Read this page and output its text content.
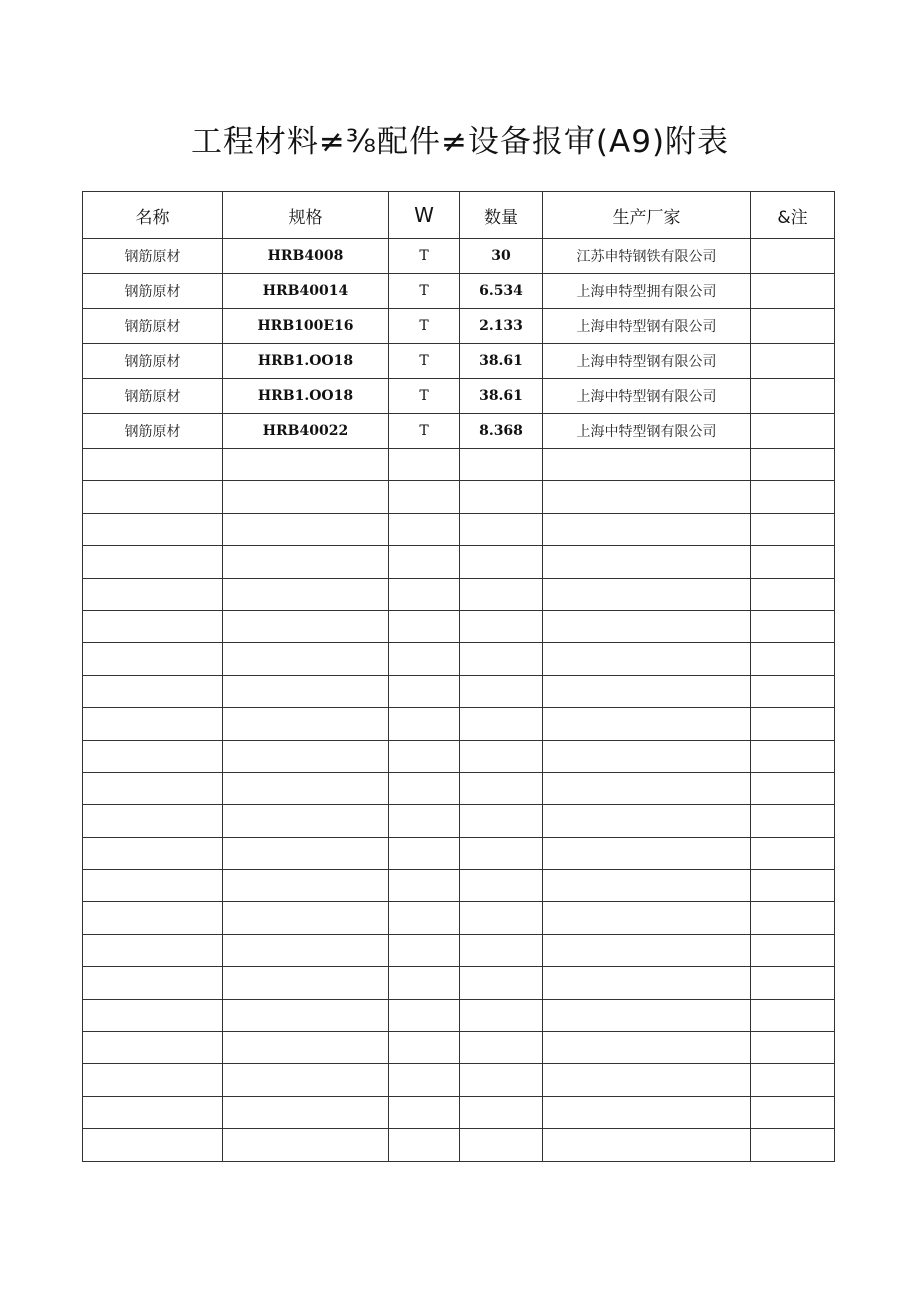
工程材料≠⅜配件≠设备报审(A9)附表
名称	规格	W	数量	生产厂家	&注
钢筋原材	HRB4008	T	30	江苏申特钢铁有限公司	
钢筋原材	HRB40014	T	6.534	上海申特型拥有限公司	
钢筋原材	HRB100E16	T	2.133	上海申特型钢有限公司	
钢筋原材	HRB1.OO18	T	38.61	上海申特型钢有限公司	
钢筋原材	HRB1.OO18	T	38.61	上海中特型钢有限公司	
钢筋原材	HRB40022	T	8.368	上海中特型钢有限公司	
